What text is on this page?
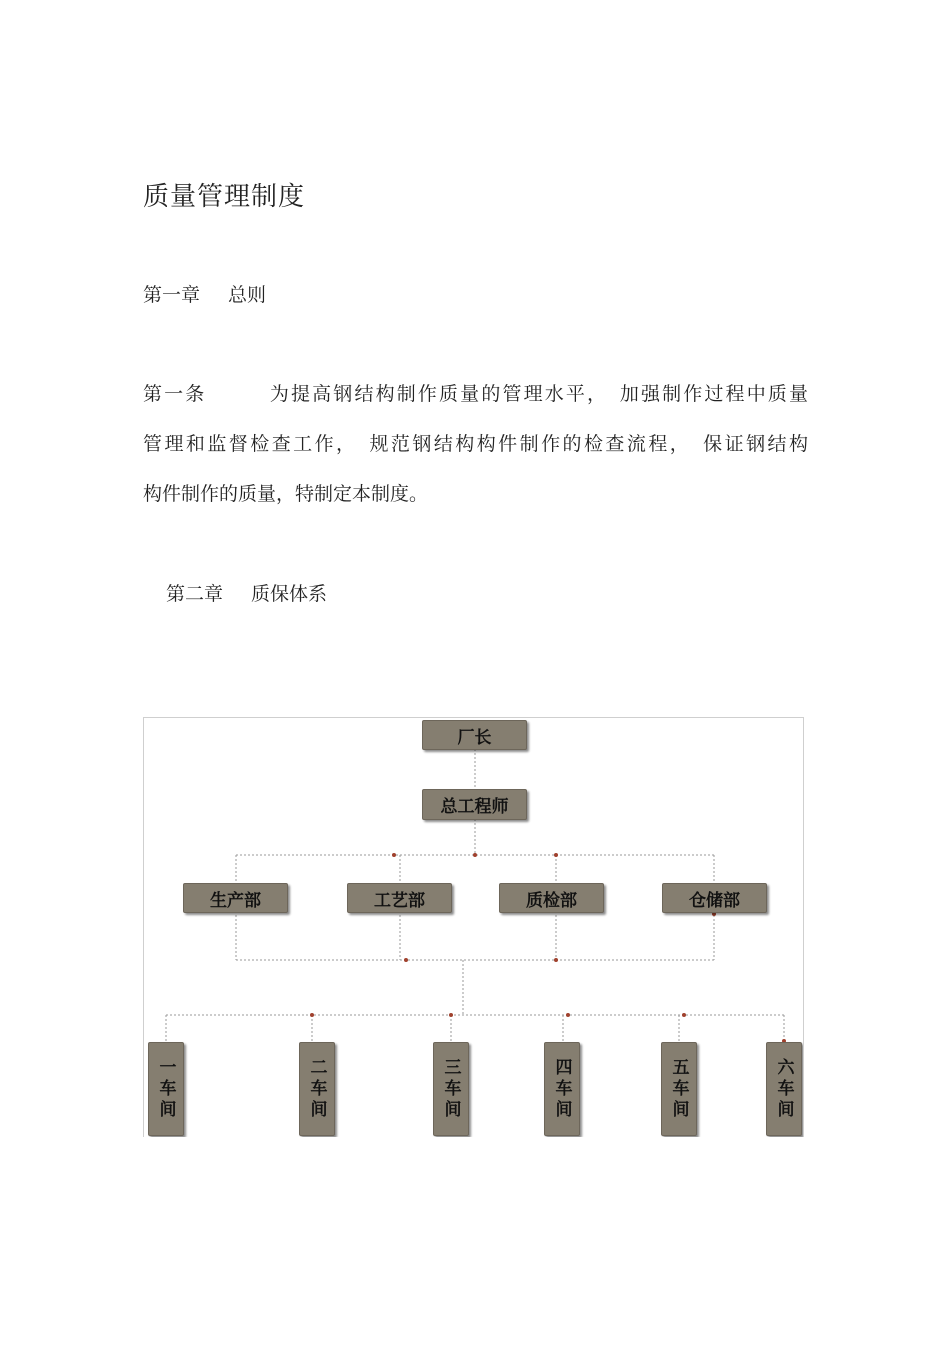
质量管理制度
第一章 总则
第一条　　　为提高钢结构制作质量的管理水平，　加强制作过程中质量
管理和监督检查工作，　规范钢结构构件制作的检查流程，　保证钢结构
构件制作的质量，特制定本制度。
第二章 质保体系
厂长
总工程师
生产部	工艺部	质检部	仓储部
一车间	二车间	三车间	四车间	五车间	六车间
